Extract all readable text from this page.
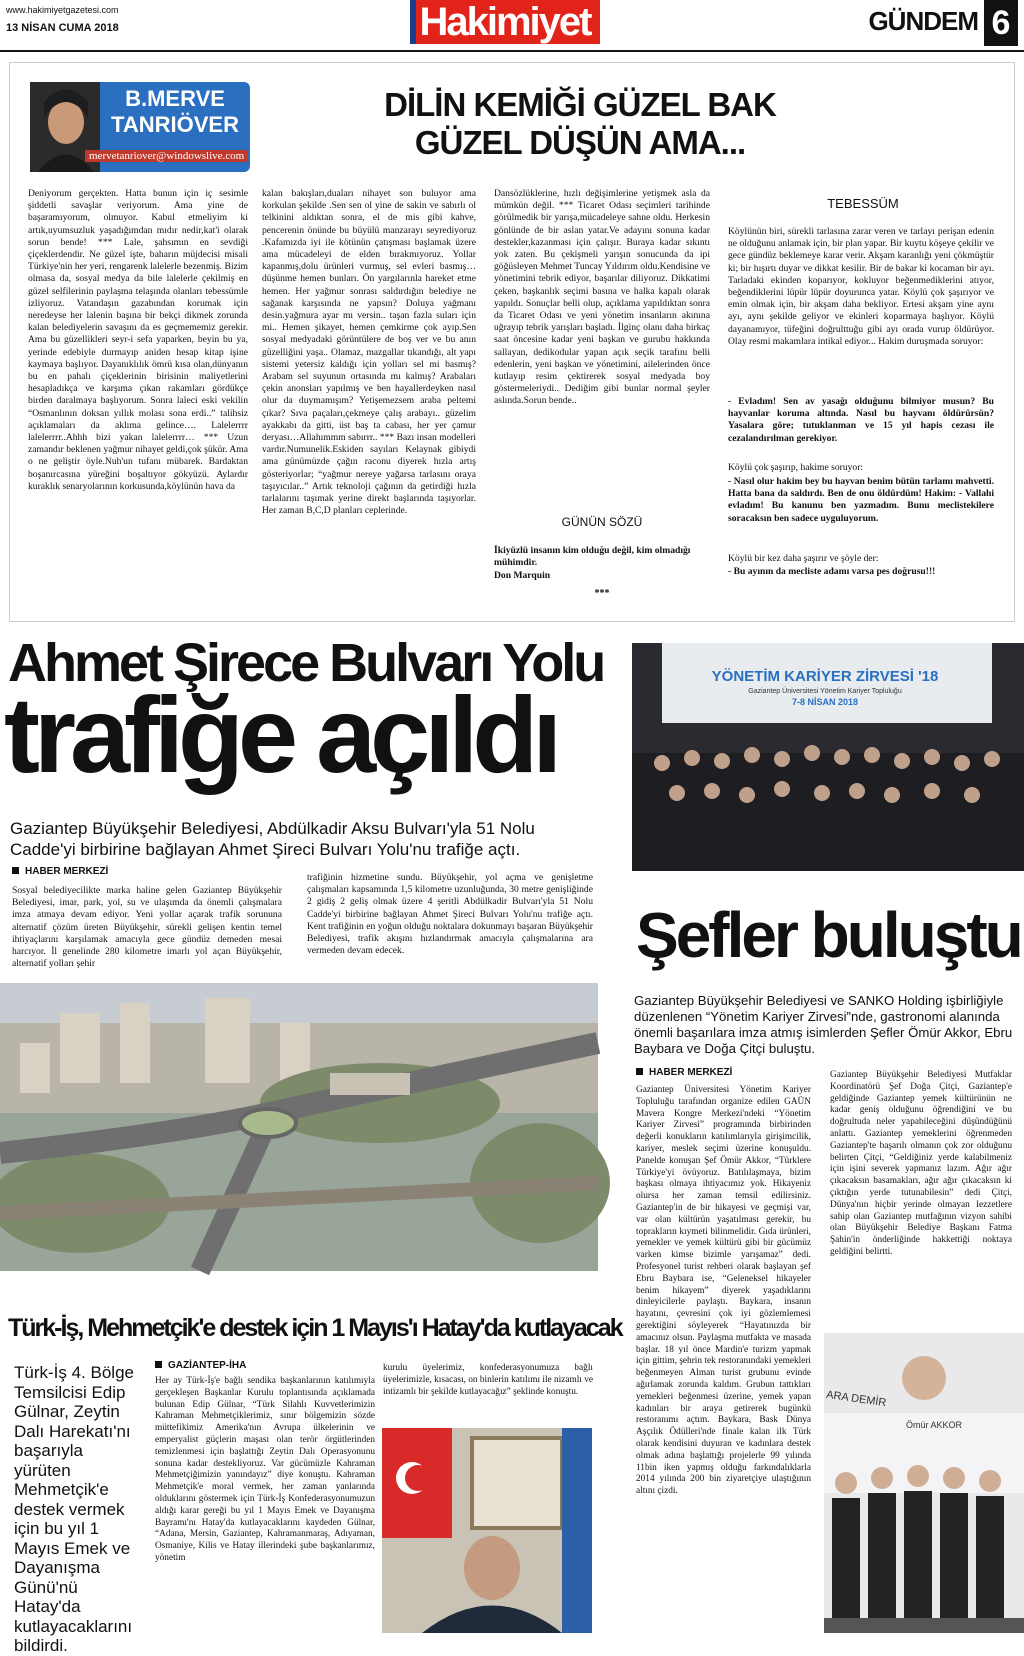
www.hakimiyetgazetesi.com
13 NİSAN CUMA 2018	Hakimiyet	GÜNDEM 6
B.MERVE TANRIÖVER
mervetanriover@windowslive.com
DİLİN KEMİĞİ GÜZEL BAK GÜZEL DÜŞÜN AMA...
Deniyorum gerçekten. Hatta bunun için iç sesimle şiddetli savaşlar veriyorum. Ama yine de başaramıyorum, olmuyor. Kabul etmeliyim ki artık,uyumsuzluk yaşadığımdan mıdır nedir,kat'i olarak sorun bende! *** Lale, şahsımın en sevdiği çiçeklerdendir. Ne güzel işte, baharın müjdecisi misali Türkiye'nin her yeri, rengarenk lalelerle bezenmiş. Bizim olmasa da, sosyal medya da bile lalelerle çekilmiş en güzel selfilerinin paylaşma telaşında olanları tebessümle izliyoruz. Vatandaşın gazabından korumak için neredeyse her lalenin başına bir bekçi dikmek zorunda kalan belediyelerin savaşını da es geçmememiz gerekir. Ama bu güzellikleri seyr-i sefa yaparken, beyin bu ya, yerinde edebiyle durmayıp aniden hesap kitap işine kaymaya başlıyor. Dayanıklılık ömrü kısa olan,dünyanın bu en pahalı çiçeklerinin birisinin maliyetlerini hesapladıkça ve karşıma çıkan rakamları gördükçe birden daralmaya başlıyorum. Sonra laleci eski vekilin “Osmanlının doksan yıllık molası sona erdi..” talihsiz açıklamaları da aklıma gelince…. Lalelerrrr lalelerrrr..Ahhh bizi yakan lalelerrrr… *** Uzun zamandır beklenen yağmur nihayet geldi,çok şükür. Ama o ne geliştir öyle.Nuh'un tufanı mübarek. Bardaktan boşanırcasına yüreğini boşaltıyor gökyüzü. Aylardır kuraklık senaryolarının korkusunda,köylünün hava da
kalan bakışları,duaları nihayet son buluyor ama korkulan şekilde .Sen sen ol yine de sakin ve sabırlı ol telkinini aldıktan sonra, el de mis gibi kahve, pencerenin önünde bu büyülü manzarayı seyrediyoruz .Kafamızda iyi ile kötünün çatışması başlamak üzere ama mücadeleyi de elden bırakmıyoruz. Yollar kapanmış,dolu ürünleri vurmuş, sel evleri basmış… düşünme hemen bunları. Ön yargılarınla hareket etme hemen. Her yağmur sonrası saldırdığın belediye ne sağanak karşısında ne yapsın? Doluya yağmanı desin.yağmura ayar mı versin.. taşan fazla suları için mi.. Hemen şikayet, hemen çemkirme çok ayıp.Sen sosyal medyadaki görüntülere de boş ver ve bu anın güzelliğini yaşa.. Olamaz, mazgallar tıkandığı, alt yapı sistemi yetersiz kaldığı için yolları sel mi basmış? Arabam sel suyunun ortasında mı kalmış? Arabaları çekin anonsları yapılmış ve ben hayallerdeyken nasıl olur da duymamışım? Yetişemezsem araba peltemi çıkar? Sıva paçaları,çekmeye çalış arabayı.. güzelim ayakkabı da gitti, üst baş ta cabası, her yer çamur deryası…Allahımmm sabırrr.. *** Bazı insan modelleri vardır.Numunelik.Eskiden sayıları Kelaynak gibiydi ama günümüzde çağın raconu diyerek hızla artış gösteriyorlar; “yağmur nereye yağarsa tarlasını oraya taşıyıcılar..” Artık teknoloji çağının da getirdiği hızla tarlalarını taşımak yerine direkt başlarında taşıyorlar. Her zaman B,C,D planları ceplerinde.
Dansözlüklerine, hızlı değişimlerine yetişmek asla da mümkün değil. *** Ticaret Odası seçimleri tarihinde görülmedik bir yarışa,mücadeleye sahne oldu. Herkesin gönlünde de bir aslan yatar.Ve adayını sonuna kadar destekler,kazanması için çalışır. Buraya kadar sıkıntı yok zaten. Bu çekişmeli yarışın sonucunda da ipi göğüsleyen Mehmet Tuncay Yıldırım oldu.Kendisine ve yönetimini tebrik ediyor, başarılar diliyoruz. Dikkatimi çeken, başkanlık seçimi basına ve halka kapalı olarak yapıldı. Sonuçlar belli olup, açıklama yapıldıktan sonra da Ticaret Odası ve yeni yönetim insanların akınına uğrayıp tebrik yarışları başladı. İlginç olanı daha birkaç saat öncesine kadar yeni başkan ve gurubu hakkında sallayan, dedikodular yapan açık seçik tarafını belli edenlerin, yeni başkan ve yönetimini, ailelerinden önce kutlayıp resim çektirerek sosyal medyada boy göstermeleriydi.. Dediğim gibi bunlar normal şeyler aslında.Sorun bende..
GÜNÜN SÖZÜ
İkiyüzlü insanın kim olduğu değil, kim olmadığı mühimdir.
Don Marquin
***
TEBESSÜM
Köylünün biri, sürekli tarlasına zarar veren ve tarlayı perişan edenin ne olduğunu anlamak için, bir plan yapar. Bir kuytu köşeye çekilir ve gece gündüz beklemeye karar verir. Akşam karanlığı yeni çökmüştür ki; bir hışırtı duyar ve dikkat kesilir. Bir de bakar ki kocaman bir ayı. Tarladaki ekinden koparıyor, kokluyor beğenmediklerini atıyor, beğendiklerini lüpür lüpür doyurunca yatar. Köylü çok şaşırıyor ve emin olmak için, bir akşam daha bekliyor. Ertesi akşam yine aynı ayı, aynı şekilde geliyor ve ekinleri koparmaya başlıyor. Köylü dayanamıyor, tüfeğini doğrulttuğu gibi ayı orada vurup öldürüyor. Olay resmi makamlara intikal ediyor... Hakim duruşmada soruyor:
- Evladım! Sen av yasağı olduğunu bilmiyor musun? Bu hayvanlar koruma altında. Nasıl bu hayvanı öldürürsün? Yasalara göre; tutuklanman ve 15 yıl hapis cezası ile cezalandırılman gerekiyor.
Köylü çok şaşırıp, hakime soruyor:
- Nasıl olur hakim bey bu hayvan benim bütün tarlamı mahvetti. Hatta bana da saldırdı. Ben de onu öldürdüm! Hakim: - Vallahi evladım! Bu kanunu ben yazmadım. Bunu meclistekilere soracaksın ben sadece uyguluyorum.
Köylü bir kez daha şaşırır ve şöyle der:
- Bu ayının da mecliste adamı varsa pes doğrusu!!!
Ahmet Şirece Bulvarı Yolu
trafiğe açıldı
Gaziantep Büyükşehir Belediyesi, Abdülkadir Aksu Bulvarı'yla 51 Nolu Cadde'yi birbirine bağlayan Ahmet Şireci Bulvarı Yolu'nu trafiğe açtı.
HABER MERKEZİ
Sosyal belediyecilikte marka haline gelen Gaziantep Büyükşehir Belediyesi, imar, park, yol, su ve ulaşımda da önemli çalışmalara imza atmaya devam ediyor. Yeni yollar açarak trafik sorununa alternatif çözüm üreten Büyükşehir, sürekli gelişen kentin temel ihtiyaçlarını karşılamak amacıyla gece gündüz demeden mesai harcıyor. İl genelinde 280 kilometre imarlı yol açan Büyükşehir, alternatif yolları şehir
trafiğinin hizmetine sundu. Büyükşehir, yol açma ve genişletme çalışmaları kapsamında 1,5 kilometre uzunluğunda, 30 metre genişliğinde 2 gidiş 2 geliş olmak üzere 4 şeritli Abdülkadir Bulvarı'yla 51 Nolu Cadde'yi birbirine bağlayan Ahmet Şireci Bulvarı Yolu'nu trafiğe açtı. Kent trafiğinin en yoğun olduğu noktalara dokunmayı başaran Büyükşehir Belediyesi, trafik akışını hızlandırmak amacıyla çalışmalarına ara vermeden devam edecek.
YÖNETİM KARİYER ZİRVESİ '18
Gaziantep Üniversitesi Yönetim Kariyer Topluluğu
7-8 NİSAN 2018
Şefler buluştu
Gaziantep Büyükşehir Belediyesi ve SANKO Holding işbirliğiyle düzenlenen “Yönetim Kariyer Zirvesi”nde, gastronomi alanında önemli başarılara imza atmış isimlerden Şefler Ömür Akkor, Ebru Baybara ve Doğa Çitçi buluştu.
HABER MERKEZİ
Gaziantep Üniversitesi Yönetim Kariyer Topluluğu tarafından organize edilen GAÜN Mavera Kongre Merkezi'ndeki “Yönetim Kariyer Zirvesi” programında birbirinden değerli konukların katılımlarıyla girişimcilik, kariyer, meslek seçimi üzerine konuşuldu. Panelde konuşan Şef Ömür Akkor, “Türklere Türkiye'yi övüyoruz. Batılılaşmaya, bizim başkası olmaya ihtiyacımız yok. Hikayeniz olursa her zaman temsil edilirsiniz. Gaziantep'in de bir hikayesi ve geçmişi var, var olan kültürün yaşatılması gerekir, bu toprakların kıymeti bilinmelidir. Gıda ürünleri, yemekler ve yemek kültürü gibi bir gücümüz varken kimse bizimle yarışamaz” dedi. Profesyonel turist rehberi olarak başlayan şef Ebru Baybara ise, “Geleneksel hikayeler benim hikayem” diyerek yaşadıklarını dinleyicilerle paylaştı. Baykara, insanın hayatını, çevresini çok iyi gözlemlemesi gerektiğini söyleyerek “Hayatınızda bir amacınız olsun. Paylaşma mutfakta ve masada başlar. 18 yıl önce Mardin'e turizm yapmak için gittim, şehrin tek restoranındaki yemekleri beğenmeyen Alman turist grubunu evinde ağırlamak zorunda kaldım. Grubun tattıkları yemekleri beğenmesi üzerine, yemek yapan kadınları bir araya getirerek bugünkü restoranımı açtım. Baykara, Bask Dünya Aşçılık Ödülleri'nde finale kalan ilk Türk olarak kendisini duyuran ve kadınlara destek olmak adına başlattığı projelerle 99 yılında 11bin iken yapmış olduğu farkındalıklarla 2014 yılında 200 bin ziyaretçiye ulaştığının altını çizdi.
Gaziantep Büyükşehir Belediyesi Mutfaklar Koordinatörü Şef Doğa Çitçi, Gaziantep'e geldiğinde Gaziantep yemek kültürünün ne kadar geniş olduğunu öğrendiğini ve bu doğrultuda neler yapabileceğini düşündüğünü anlattı. Gaziantep yemeklerini öğrenmeden Gaziantep'te başarılı olmanın çok zor olduğunu belirten Çitçi, “Geldiğiniz yerde kalabilmeniz için işini severek yapmanız lazım. Ağır ağır çıkacaksın basamakları, ağır ağır çıkacaksın ki çıktığın yerde tutunabilesin” dedi Çitçi, Dünya'nın hiçbir yerinde olmayan lezzetlere sahip olan Gaziantep mutfağının vizyon sahibi olan Büyükşehir Belediye Başkanı Fatma Şahin'in önderliğinde hakkettiği noktaya geldiğini belirtti.
ARA DEMİR
Ömür AKKOR
Türk-İş, Mehmetçik'e destek için 1 Mayıs'ı Hatay'da kutlayacak
Türk-İş 4. Bölge Temsilcisi Edip Gülnar, Zeytin Dalı Harekatı'nı başarıyla yürüten Mehmetçik'e destek vermek için bu yıl 1 Mayıs Emek ve Dayanışma Günü'nü Hatay'da kutlayacaklarını bildirdi.
GAZİANTEP-İHA
Her ay Türk-İş'e bağlı sendika başkanlarının katılımıyla gerçekleşen Başkanlar Kurulu toplantısında açıklamada bulunan Edip Gülnar, “Türk Silahlı Kuvvetlerimizin Kahraman Mehmetçiklerimiz, sınır bölgemizin sözde müttefikimiz Amerika'nın Avrupa ülkelerinin ve emperyalist güçlerin maşası olan terör örgütlerinden temizlenmesi için başlattığı Zeytin Dalı Operasyonunu sonuna kadar destekliyoruz. Var gücümüzle Kahraman Mehmetçiğimizin yanındayız” diye konuştu. Kahraman Mehmetçik'e moral vermek, her zaman yanlarında olduklarını göstermek için Türk-İş Konfederasyonumuzun aldığı karar gereği bu yıl 1 Mayıs Emek ve Dayanışma Bayramı'nı Hatay'da kutlayacaklarını kaydeden Gülnar, “Adana, Mersin, Gaziantep, Kahramanmaraş, Adıyaman, Osmaniye, Kilis ve Hatay illerindeki şube başkanlarımız, yönetim
kurulu üyelerimiz, konfederasyonumuza bağlı üyelerimizle, kısacası, on binlerin katılımı ile nizamlı ve intizamlı bir şekilde kutlayacağız” şeklinde konuştu.
